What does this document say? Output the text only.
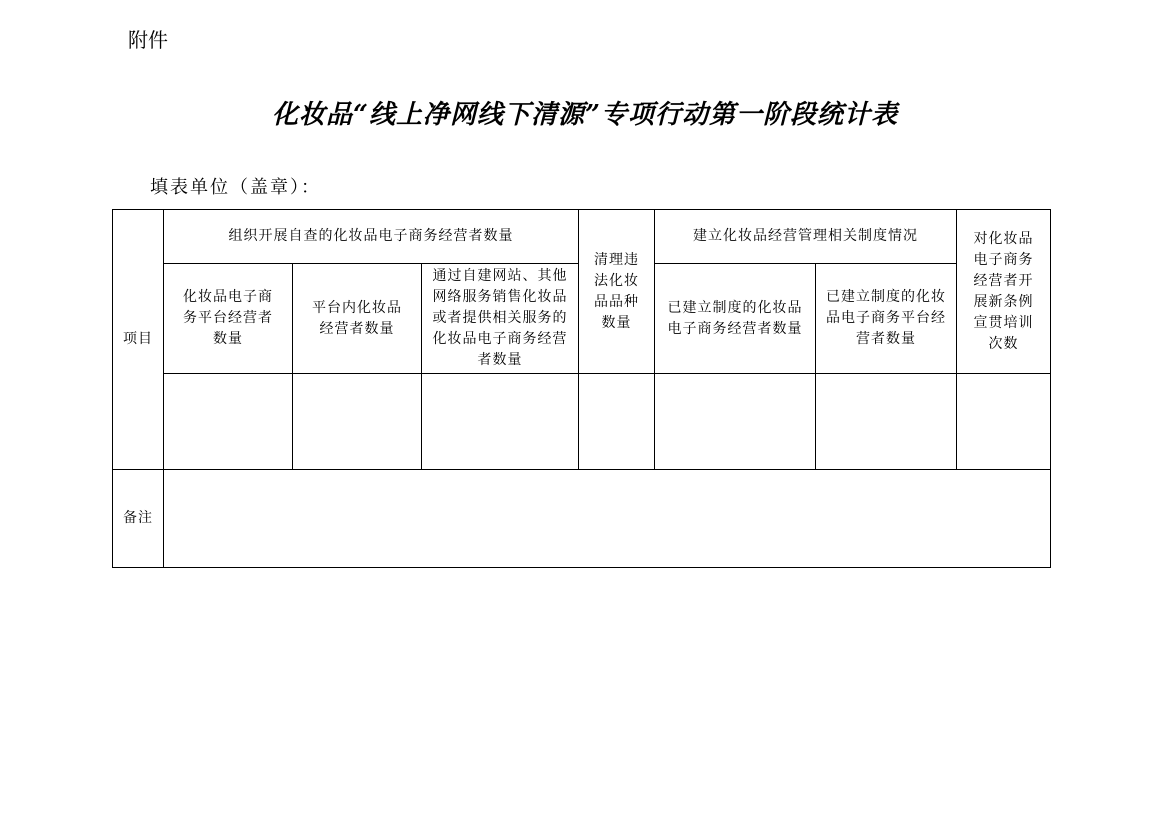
附件
化妆品“线上净网线下清源”专项行动第一阶段统计表
填表单位（盖章）：
项目
组织开展自查的化妆品电子商务经营者数量
清理违法化妆品品种数量
建立化妆品经营管理相关制度情况	对化妆品电子商务经营者开展新条例宣贯培训次数
化妆品电子商务平台经营者数量
平台内化妆品经营者数量
通过自建网站、其他网络服务销售化妆品或者提供相关服务的化妆品电子商务经营者数量
已建立制度的化妆品电子商务经营者数量
已建立制度的化妆品电子商务平台经营者数量
备注
